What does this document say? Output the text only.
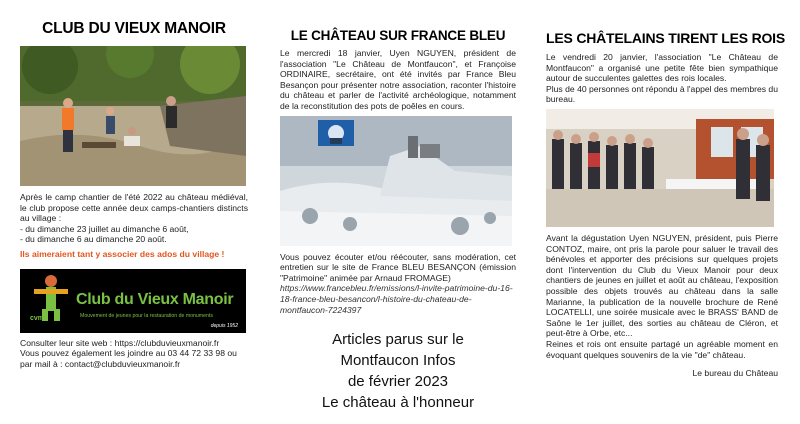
CLUB DU VIEUX MANOIR

Après le camp chantier de l'été 2022 au château médiéval, le club propose cette année deux camps-chantiers distincts au village :

- du dimanche 23 juillet au dimanche 6 août,
- du dimanche 6 au dimanche 20 août.

Ils aimeraient tant y associer des ados du village !

cvm
Club du Vieux Manoir
Mouvement de jeunes pour la restauration de monuments
depuis 1952

Consulter leur site web : https://clubduvieuxmanoir.fr

Vous pouvez également les joindre au 03 44 72 33 98 ou par mail à : contact@clubduvieuxmanoir.fr

LE CHÂTEAU SUR FRANCE BLEU

Le mercredi 18 janvier, Uyen NGUYEN, président de l'association "Le Château de Montfaucon", et Françoise ORDINAIRE, secrétaire, ont été invités par France Bleu Besançon pour présenter notre association, raconter l'histoire du château et parler de l'activité archéologique, notamment de la reconstitution des pots de poêles en cours.

Vous pouvez écouter et/ou réécouter, sans modération, cet entretien sur le site de France BLEU BESANÇON (émission "Patrimoine" animée par Arnaud FROMAGE)

https://www.francebleu.fr/emissions/l-invite-patrimoine-du-16-18-france-bleu-besancon/l-histoire-du-chateau-de-montfaucon-7224397

Articles parus sur le
Montfaucon Infos
de février 2023
Le château à l'honneur
LES CHÂTELAINS TIRENT LES ROIS

Le vendredi 20 janvier, l'association "Le Château de Montfaucon" a organisé une petite fête bien sympathique autour de succulentes galettes des rois locales.

Plus de 40 personnes ont répondu à l'appel des membres du bureau.

Avant la dégustation Uyen NGUYEN, président, puis Pierre CONTOZ, maire, ont pris la parole pour saluer le travail des bénévoles et apporter des précisions sur quelques projets dont l'intervention du Club du Vieux Manoir pour deux chantiers de jeunes en juillet et août au château, l'exposition possible des objets trouvés au château dans la salle Marianne, la publication de la nouvelle brochure de René LOCATELLI, une soirée musicale avec le BRASS' BAND de Saône le 1er juillet, des sorties au château de Cléron, et peut-être à Orbe, etc...

Reines et rois ont ensuite partagé un agréable moment en évoquant quelques souvenirs de la vie "de" château.

Le bureau du Château
